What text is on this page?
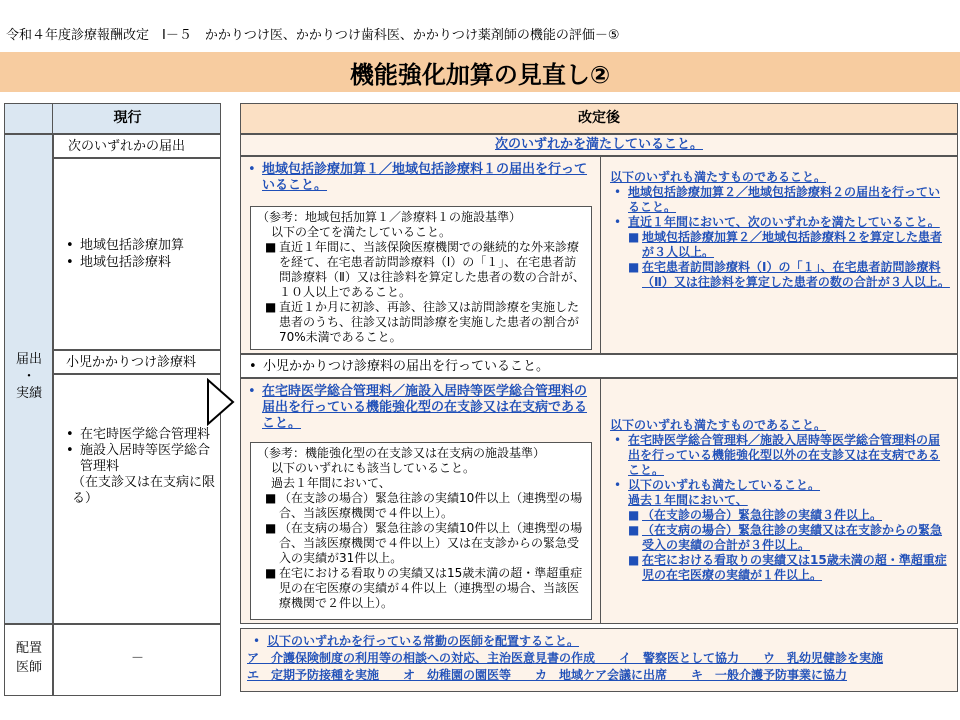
令和４年度診療報酬改定　Ⅰ－５　かかりつけ医、かかりつけ歯科医、かかりつけ薬剤師の機能の評価－⑤
機能強化加算の見直し②
現行
届出
・
実績
配置
医師
次のいずれかの届出
• 地域包括診療加算
• 地域包括診療料
小児かかりつけ診療料
• 在宅時医学総合管理料
• 施設入居時等医学総合管理料
（在支診又は在支病に限る）
－
改定後
次のいずれかを満たしていること。
• 地域包括診療加算１／地域包括診療料１の届出を行っていること。
（参考：地域包括加算１／診療料１の施設基準）
以下の全てを満たしていること。
■ 直近１年間に、当該保険医療機関での継続的な外来診療を経て、在宅患者訪問診療料（Ⅰ）の「１」、在宅患者訪問診療料（Ⅱ）又は往診料を算定した患者の数の合計が、１０人以上であること。
■ 直近１か月に初診、再診、往診又は訪問診療を実施した患者のうち、往診又は訪問診療を実施した患者の割合が70%未満であること。
以下のいずれも満たすものであること。
• 地域包括診療加算２／地域包括診療料２の届出を行っていること。
• 直近１年間において、次のいずれかを満たしていること。
■ 地域包括診療加算２／地域包括診療料２を算定した患者が３人以上。
■ 在宅患者訪問診療料（Ⅰ）の「１」、在宅患者訪問診療料（Ⅱ）又は往診料を算定した患者の数の合計が３人以上。
• 小児かかりつけ診療料の届出を行っていること。
• 在宅時医学総合管理料／施設入居時等医学総合管理料の届出を行っている機能強化型の在支診又は在支病であること。
（参考：機能強化型の在支診又は在支病の施設基準）
以下のいずれにも該当していること。
過去１年間において、
■ （在支診の場合）緊急往診の実績10件以上（連携型の場合、当該医療機関で４件以上）。
■ （在支病の場合）緊急往診の実績10件以上（連携型の場合、当該医療機関で４件以上）又は在支診からの緊急受入の実績が31件以上。
■ 在宅における看取りの実績又は15歳未満の超・準超重症児の在宅医療の実績が４件以上（連携型の場合、当該医療機関で２件以上）。
以下のいずれも満たすものであること。
• 在宅時医学総合管理料／施設入居時等医学総合管理料の届出を行っている機能強化型以外の在支診又は在支病であること。
• 以下のいずれも満たしていること。
過去１年間において、
■ （在支診の場合）緊急往診の実績３件以上。
■ （在支病の場合）緊急往診の実績又は在支診からの緊急受入の実績の合計が３件以上。
■ 在宅における看取りの実績又は15歳未満の超・準超重症児の在宅医療の実績が１件以上。
• 以下のいずれかを行っている常勤の医師を配置すること。
ア　介護保険制度の利用等の相談への対応、主治医意見書の作成　　イ　警察医として協力　　ウ　乳幼児健診を実施
エ　定期予防接種を実施　　オ　幼稚園の園医等　　カ　地域ケア会議に出席　　キ　一般介護予防事業に協力
